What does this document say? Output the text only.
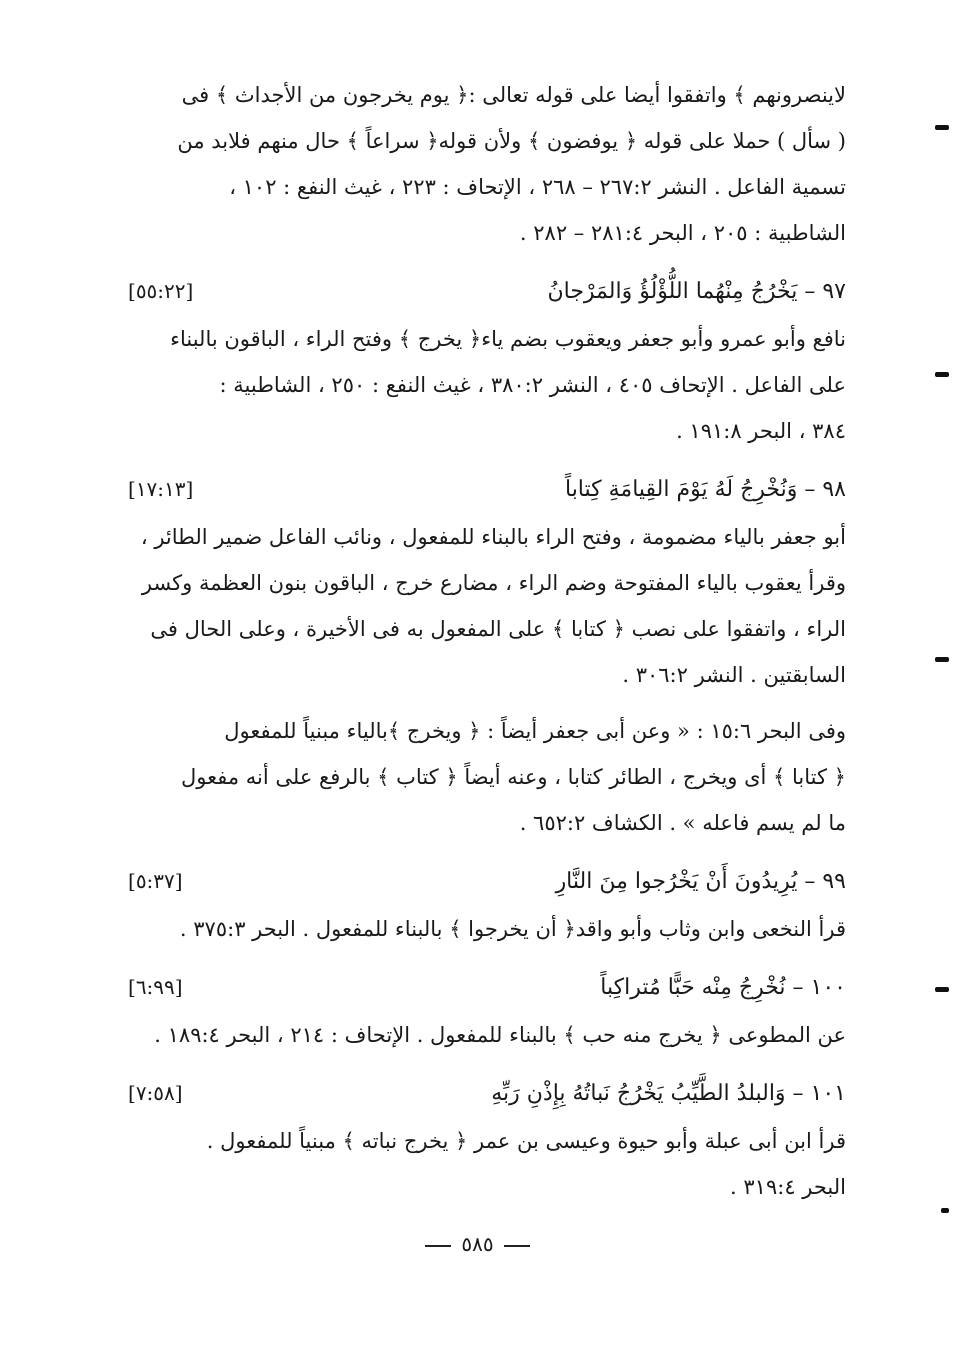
لاينصرونهم ﴾ واتفقوا أيضا على قوله تعالى :﴿ يوم يخرجون من الأجداث ﴾ فى
( سأل ) حملا على قوله ﴿ يوفضون ﴾ ولأن قوله﴿ سراعاً ﴾ حال منهم فلابد من
تسمية الفاعل . النشر ٢٦٧:٢ – ٢٦٨ ، الإتحاف : ٢٢٣ ، غيث النفع : ١٠٢ ،
الشاطبية : ٢٠٥ ، البحر ٢٨١:٤ – ٢٨٢ .
٩٧ – يَخْرُجُ مِنْهُما اللُّؤْلُؤُ وَالمَرْجانُ
[٥٥:٢٢]
نافع وأبو عمرو وأبو جعفر ويعقوب بضم ياء﴿ يخرج ﴾ وفتح الراء ، الباقون بالبناء
على الفاعل . الإتحاف ٤٠٥ ، النشر ٣٨٠:٢ ، غيث النفع : ٢٥٠ ، الشاطبية :
٣٨٤ ، البحر ١٩١:٨ .
٩٨ – وَنُخْرِجُ لَهُ يَوْمَ القِيامَةِ كِتاباً
[١٧:١٣]
أبو جعفر بالياء مضمومة ، وفتح الراء بالبناء للمفعول ، ونائب الفاعل ضمير الطائر ،
وقرأ يعقوب بالياء المفتوحة وضم الراء ، مضارع خرج ، الباقون بنون العظمة وكسر
الراء ، واتفقوا على نصب ﴿ كتابا ﴾ على المفعول به فى الأخيرة ، وعلى الحال فى
السابقتين . النشر ٣٠٦:٢ .
وفى البحر ١٥:٦ : « وعن أبى جعفر أيضاً : ﴿ ويخرج ﴾بالياء مبنياً للمفعول
﴿ كتابا ﴾ أى ويخرج ، الطائر كتابا ، وعنه أيضاً ﴿ كتاب ﴾ بالرفع على أنه مفعول
ما لم يسم فاعله » . الكشاف ٦٥٢:٢ .
٩٩ – يُرِيدُونَ أَنْ يَخْرُجوا مِنَ النَّارِ
[٥:٣٧]
قرأ النخعى وابن وثاب وأبو واقد﴿ أن يخرجوا ﴾ بالبناء للمفعول . البحر ٣٧٥:٣ .
١٠٠ – نُخْرِجُ مِنْه حَبًّا مُتراكِباً
[٦:٩٩]
عن المطوعى ﴿ يخرج منه حب ﴾ بالبناء للمفعول . الإتحاف : ٢١٤ ، البحر ١٨٩:٤ .
١٠١ – وَالبلدُ الطَّيِّبُ يَخْرُجُ نَباتُهُ بِإِذْنِ رَبِّهِ
[٧:٥٨]
قرأ ابن أبى عبلة وأبو حيوة وعيسى بن عمر ﴿ يخرج نباته ﴾ مبنياً للمفعول .
البحر ٣١٩:٤ .
٥٨٥
